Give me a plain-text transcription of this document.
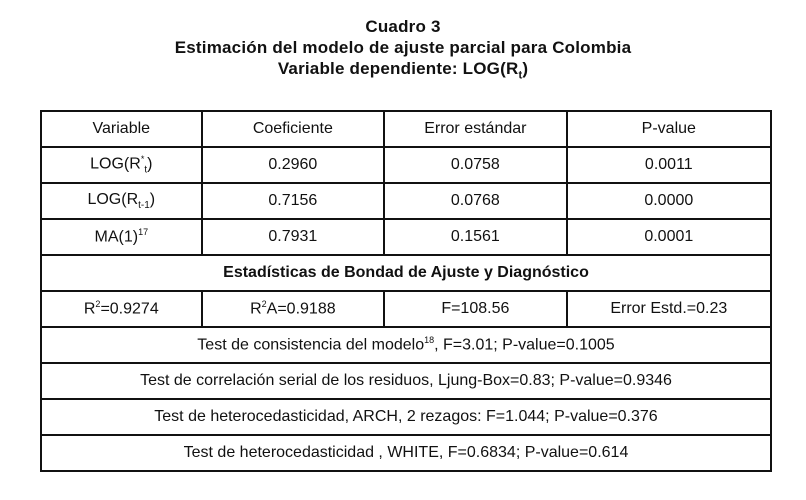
Cuadro 3
Estimación del modelo de ajuste parcial para Colombia
Variable dependiente: $LOG(R_t)$
Variable	Coeficiente	Error estándar	P-value
$LOG(R^*_t)$	0.2960	0.0758	0.0011
$LOG(R_{t-1})$	0.7156	0.0768	0.0000
$MA(1)^{17}$	0.7931	0.1561	0.0001
Estadísticas de Bondad de Ajuste y Diagnóstico			
$R^2=0.9274$	$R^2A=0.9188$	F=108.56	Error Estd.=0.23
Test de consistencia del modelo$^{18}$, F=3.01; P-value=0.1005			
Test de correlación serial de los residuos, Ljung-Box=0.83; P-value=0.9346			
Test de heterocedasticidad, ARCH, 2 rezagos: F=1.044; P-value=0.376			
Test de heterocedasticidad , WHITE, F=0.6834; P-value=0.614			
